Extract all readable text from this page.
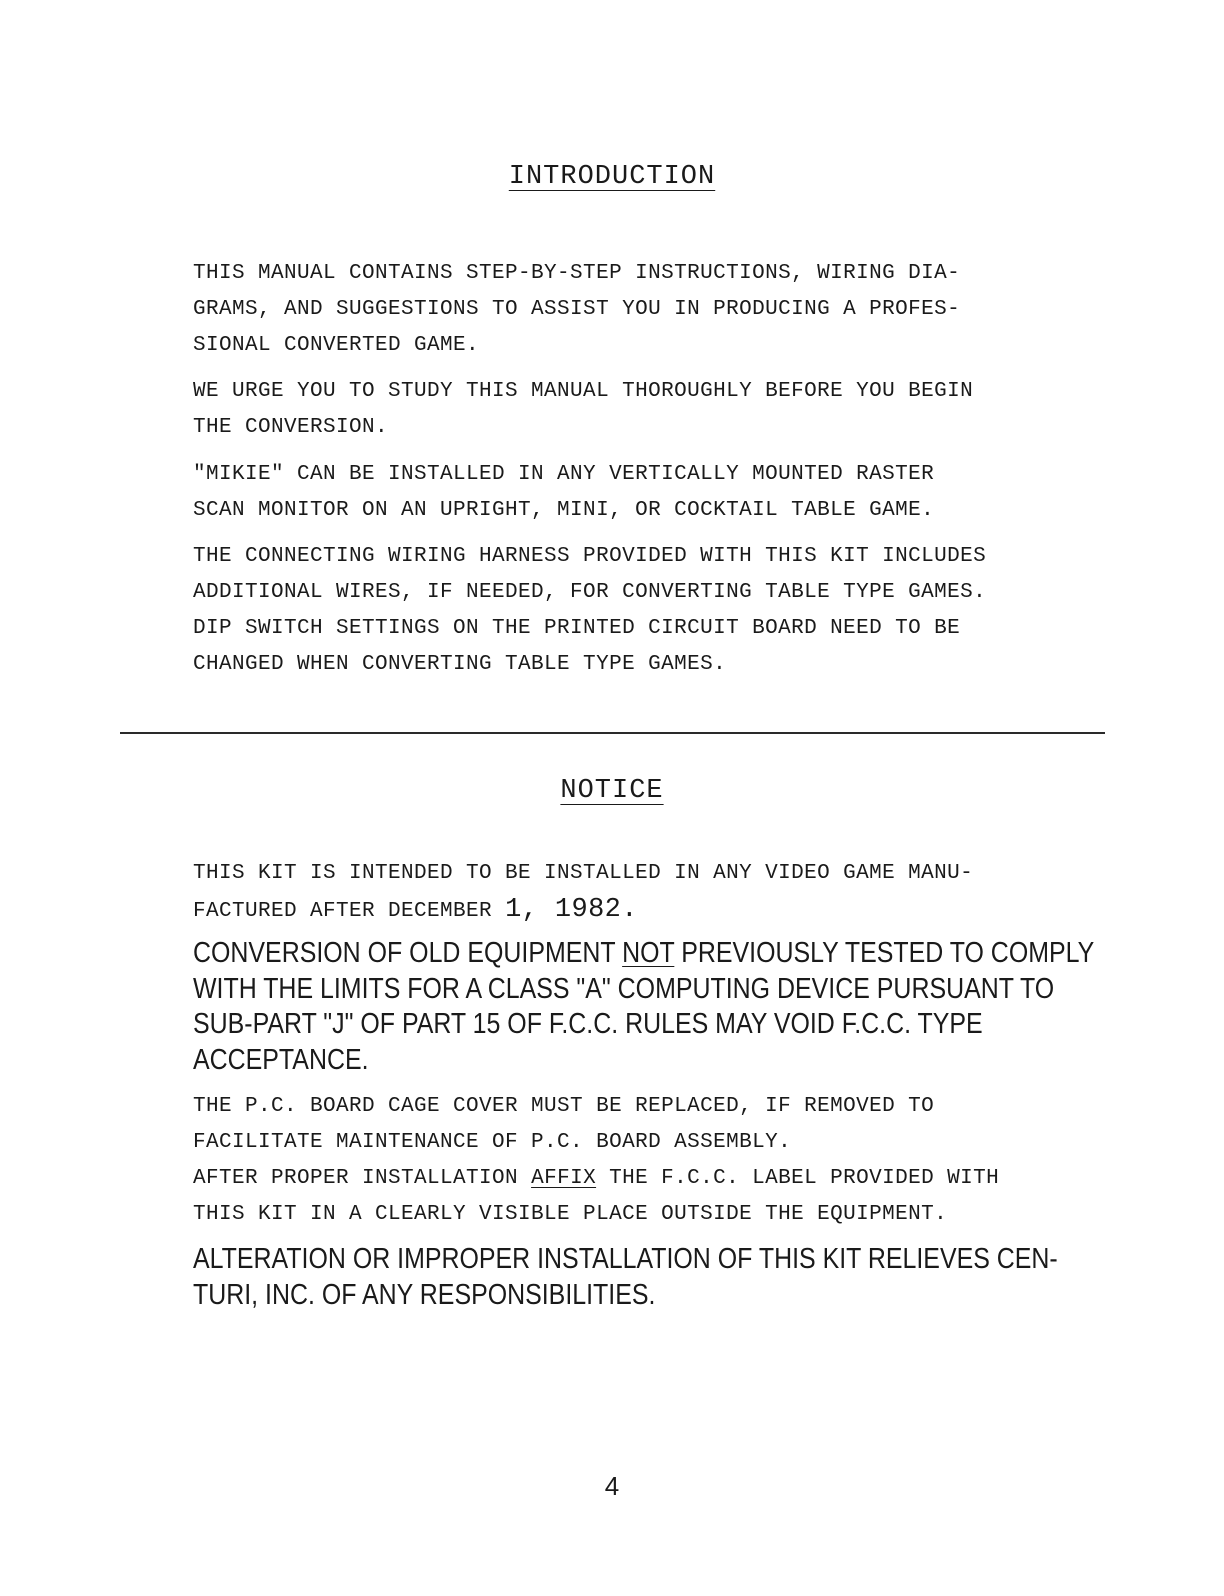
INTRODUCTION
THIS MANUAL CONTAINS STEP-BY-STEP INSTRUCTIONS, WIRING DIA-
GRAMS, AND SUGGESTIONS TO ASSIST YOU IN PRODUCING A PROFES-
SIONAL CONVERTED GAME.
WE URGE YOU TO STUDY THIS MANUAL THOROUGHLY BEFORE YOU BEGIN
THE CONVERSION.
"MIKIE" CAN BE INSTALLED IN ANY VERTICALLY MOUNTED RASTER
SCAN MONITOR ON AN UPRIGHT, MINI, OR COCKTAIL TABLE GAME.
THE CONNECTING WIRING HARNESS PROVIDED WITH THIS KIT INCLUDES
ADDITIONAL WIRES, IF NEEDED, FOR CONVERTING TABLE TYPE GAMES.
DIP SWITCH SETTINGS ON THE PRINTED CIRCUIT BOARD NEED TO BE
CHANGED WHEN CONVERTING TABLE TYPE GAMES.
NOTICE
THIS KIT IS INTENDED TO BE INSTALLED IN ANY VIDEO GAME MANU-
FACTURED AFTER DECEMBER 1, 1982.
CONVERSION OF OLD EQUIPMENT NOT PREVIOUSLY TESTED TO COMPLY
WITH THE LIMITS FOR A CLASS "A" COMPUTING DEVICE PURSUANT TO
SUB-PART "J" OF PART 15 OF F.C.C. RULES MAY VOID F.C.C. TYPE
ACCEPTANCE.
THE P.C. BOARD CAGE COVER MUST BE REPLACED, IF REMOVED TO
FACILITATE MAINTENANCE OF P.C. BOARD ASSEMBLY.
AFTER PROPER INSTALLATION AFFIX THE F.C.C. LABEL PROVIDED WITH
THIS KIT IN A CLEARLY VISIBLE PLACE OUTSIDE THE EQUIPMENT.
ALTERATION OR IMPROPER INSTALLATION OF THIS KIT RELIEVES CEN-
TURI, INC. OF ANY RESPONSIBILITIES.
4
